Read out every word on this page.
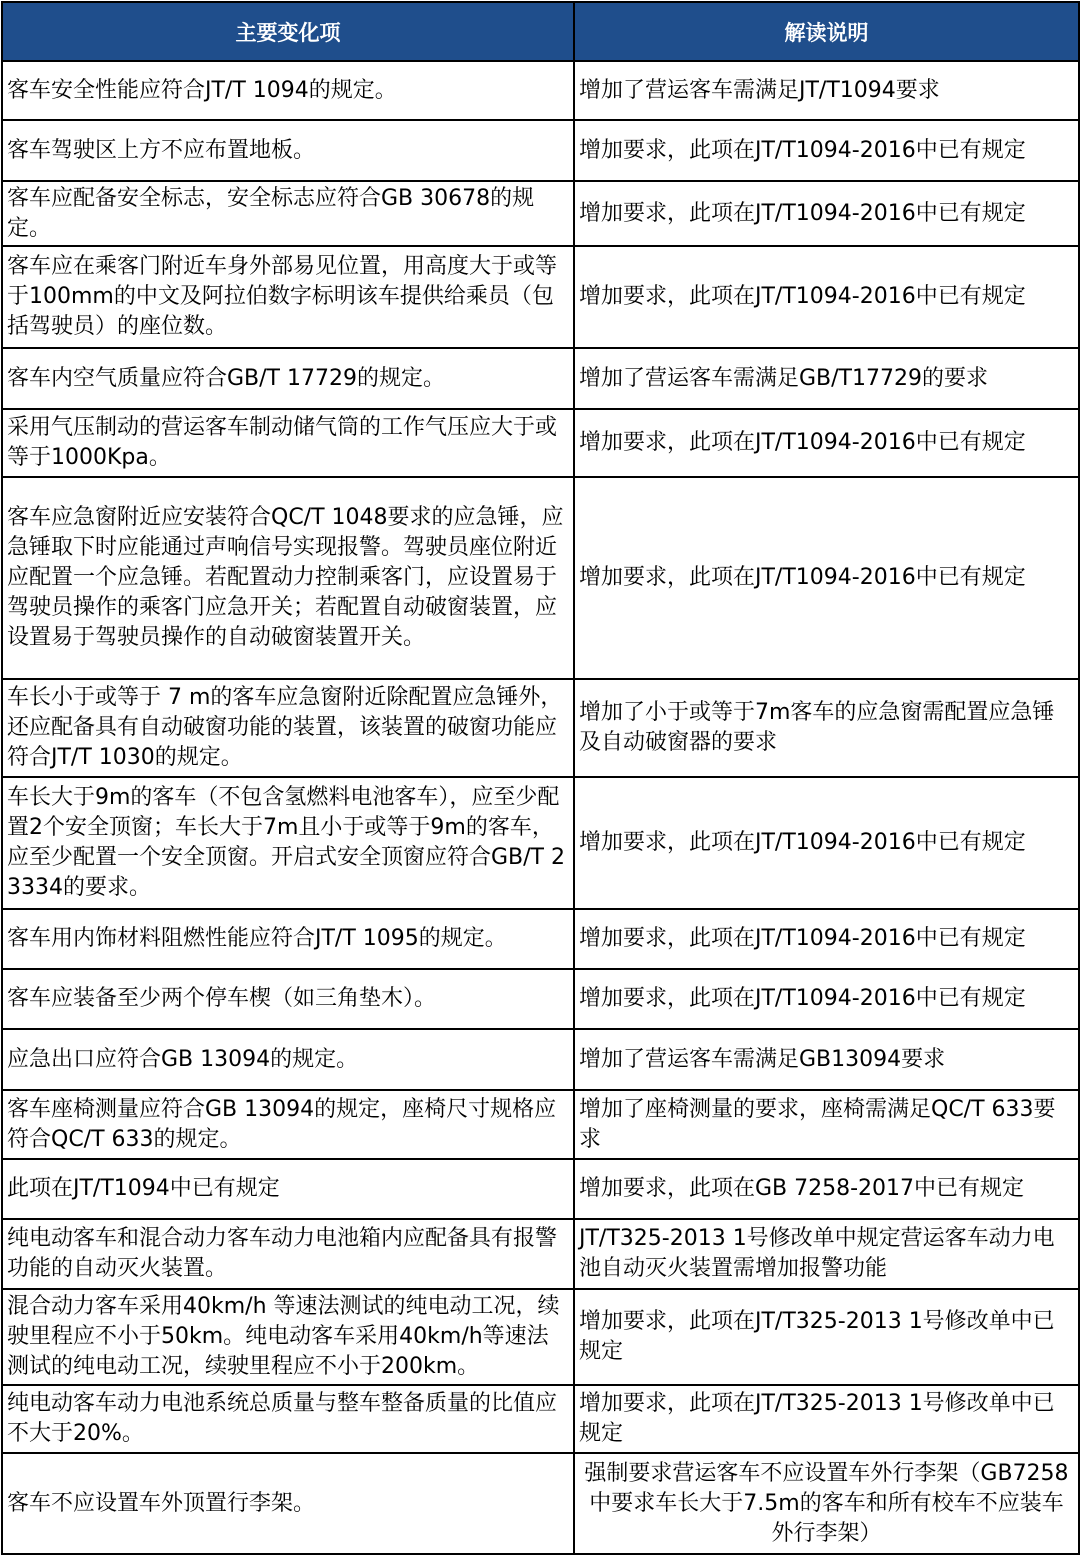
主要变化项	解读说明
客车安全性能应符合JT/T 1094的规定。	增加了营运客车需满足JT/T1094要求
客车驾驶区上方不应布置地板。	增加要求，此项在JT/T1094-2016中已有规定
客车应配备安全标志，安全标志应符合GB 30678的规定。	增加要求，此项在JT/T1094-2016中已有规定
客车应在乘客门附近车身外部易见位置，用高度大于或等于100mm的中文及阿拉伯数字标明该车提供给乘员（包括驾驶员）的座位数。	增加要求，此项在JT/T1094-2016中已有规定
客车内空气质量应符合GB/T 17729的规定。	增加了营运客车需满足GB/T17729的要求
采用气压制动的营运客车制动储气筒的工作气压应大于或等于1000Kpa。	增加要求，此项在JT/T1094-2016中已有规定
客车应急窗附近应安装符合QC/T 1048要求的应急锤，应急锤取下时应能通过声响信号实现报警。驾驶员座位附近应配置一个应急锤。若配置动力控制乘客门，应设置易于驾驶员操作的乘客门应急开关；若配置自动破窗装置，应设置易于驾驶员操作的自动破窗装置开关。	增加要求，此项在JT/T1094-2016中已有规定
车长小于或等于 7 m的客车应急窗附近除配置应急锤外，还应配备具有自动破窗功能的装置，该装置的破窗功能应符合JT/T 1030的规定。	增加了小于或等于7m客车的应急窗需配置应急锤及自动破窗器的要求
车长大于9m的客车（不包含氢燃料电池客车），应至少配置2个安全顶窗；车长大于7m且小于或等于9m的客车，应至少配置一个安全顶窗。开启式安全顶窗应符合GB/T 23334的要求。	增加要求，此项在JT/T1094-2016中已有规定
客车用内饰材料阻燃性能应符合JT/T 1095的规定。	增加要求，此项在JT/T1094-2016中已有规定
客车应装备至少两个停车楔（如三角垫木）。	增加要求，此项在JT/T1094-2016中已有规定
应急出口应符合GB 13094的规定。	增加了营运客车需满足GB13094要求
客车座椅测量应符合GB 13094的规定，座椅尺寸规格应符合QC/T 633的规定。	增加了座椅测量的要求，座椅需满足QC/T 633要求
此项在JT/T1094中已有规定	增加要求，此项在GB 7258-2017中已有规定
纯电动客车和混合动力客车动力电池箱内应配备具有报警功能的自动灭火装置。	JT/T325-2013 1号修改单中规定营运客车动力电池自动灭火装置需增加报警功能
混合动力客车采用40km/h 等速法测试的纯电动工况，续驶里程应不小于50km。纯电动客车采用40km/h等速法测试的纯电动工况，续驶里程应不小于200km。	增加要求，此项在JT/T325-2013 1号修改单中已规定
纯电动客车动力电池系统总质量与整车整备质量的比值应不大于20%。	增加要求，此项在JT/T325-2013 1号修改单中已规定
客车不应设置车外顶置行李架。	强制要求营运客车不应设置车外行李架（GB7258中要求车长大于7.5m的客车和所有校车不应装车外行李架）
